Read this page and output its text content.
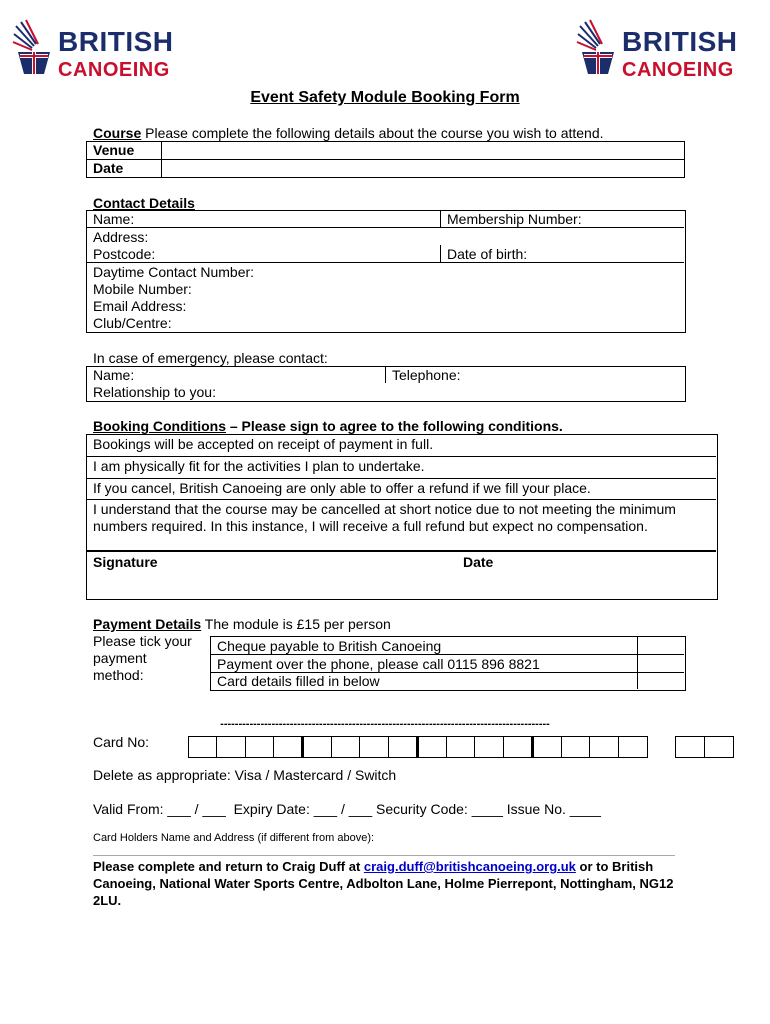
BRITISH
CANOEING
BRITISH
CANOEING
Event Safety Module Booking Form
Course Please complete the following details about the course you wish to attend.
Venue	
Date	
Contact Details
Name:	Membership Number:
Address:
Postcode:	Date of birth:
Daytime Contact Number:
Mobile Number:
Email Address:
Club/Centre:
In case of emergency, please contact:
Name:	Telephone:
Relationship to you:
Booking Conditions – Please sign to agree to the following conditions.
Bookings will be accepted on receipt of payment in full.
I am physically fit for the activities I plan to undertake.
If you cancel, British Canoeing are only able to offer a refund if we fill your place.
I understand that the course may be cancelled at short notice due to not meeting the minimum numbers required. In this instance, I will receive a full refund but expect no compensation.
Signature	Date
Payment Details The module is £15 per person
Please tick your payment method:
Cheque payable to British Canoeing
Payment over the phone, please call 0115 896 8821
Card details filled in below
------------------------------------------------------------------------------------------
Card No:
Delete as appropriate: Visa / Mastercard / Switch
Valid From: ___ / ___  Expiry Date: ___ / ___ Security Code: ____ Issue No. ____
Card Holders Name and Address (if different from above):
Please complete and return to Craig Duff at craig.duff@britishcanoeing.org.uk or to British Canoeing, National Water Sports Centre, Adbolton Lane, Holme Pierrepont, Nottingham, NG12 2LU.
